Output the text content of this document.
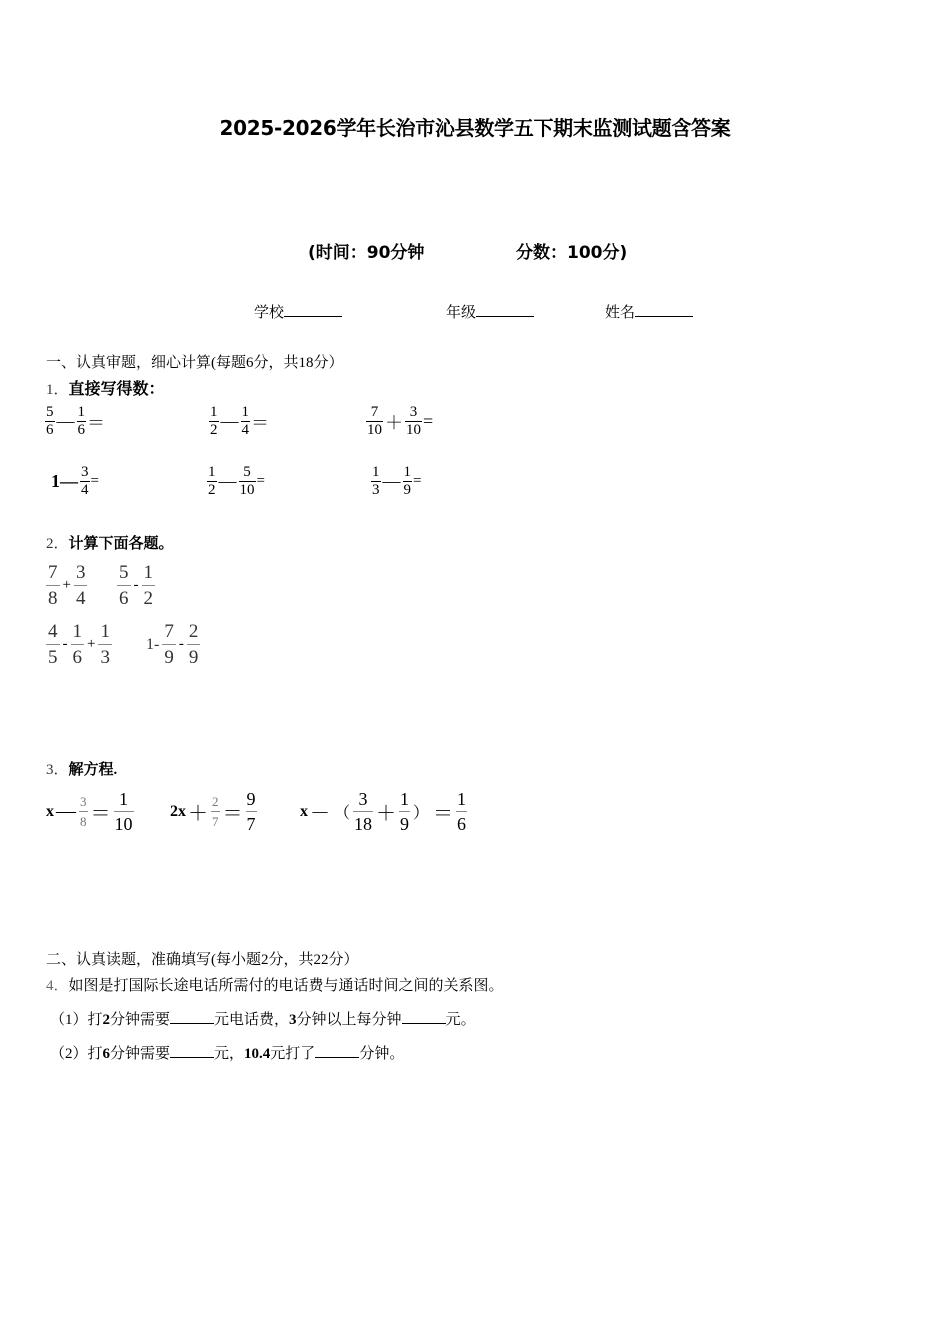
2025-2026学年长治市沁县数学五下期末监测试题含答案
(时间：90分钟	分数：100分)
学校	年级	姓名
一、认真审题，细心计算(每题6分，共18分）
1．直接写得数：
5
6 — 1
6 ＝
1
2 — 1
4 ＝
7
10 ＋
3
10 =
1— 3
4
=
1
2 — 5
10
=
1
3 — 1
9
=
2．计算下面各题。
7
8
+
3
4
5
6
-
1
2
4
5
-
1
6
+
1
3
1-
7
9
-
2
9
3．解方程.
x — 3
8 ＝
1
10
2x ＋
2
7 ＝
9
7
x － （
3
18 ＋
1
9
） ＝
1
6
二、认真读题，准确填写(每小题2分，共22分）
4．如图是打国际长途电话所需付的电话费与通话时间之间的关系图。
（1）打2分钟需要	元电话费，3分钟以上每分钟	元。
（2）打6分钟需要	元，10.4元打了	分钟。
